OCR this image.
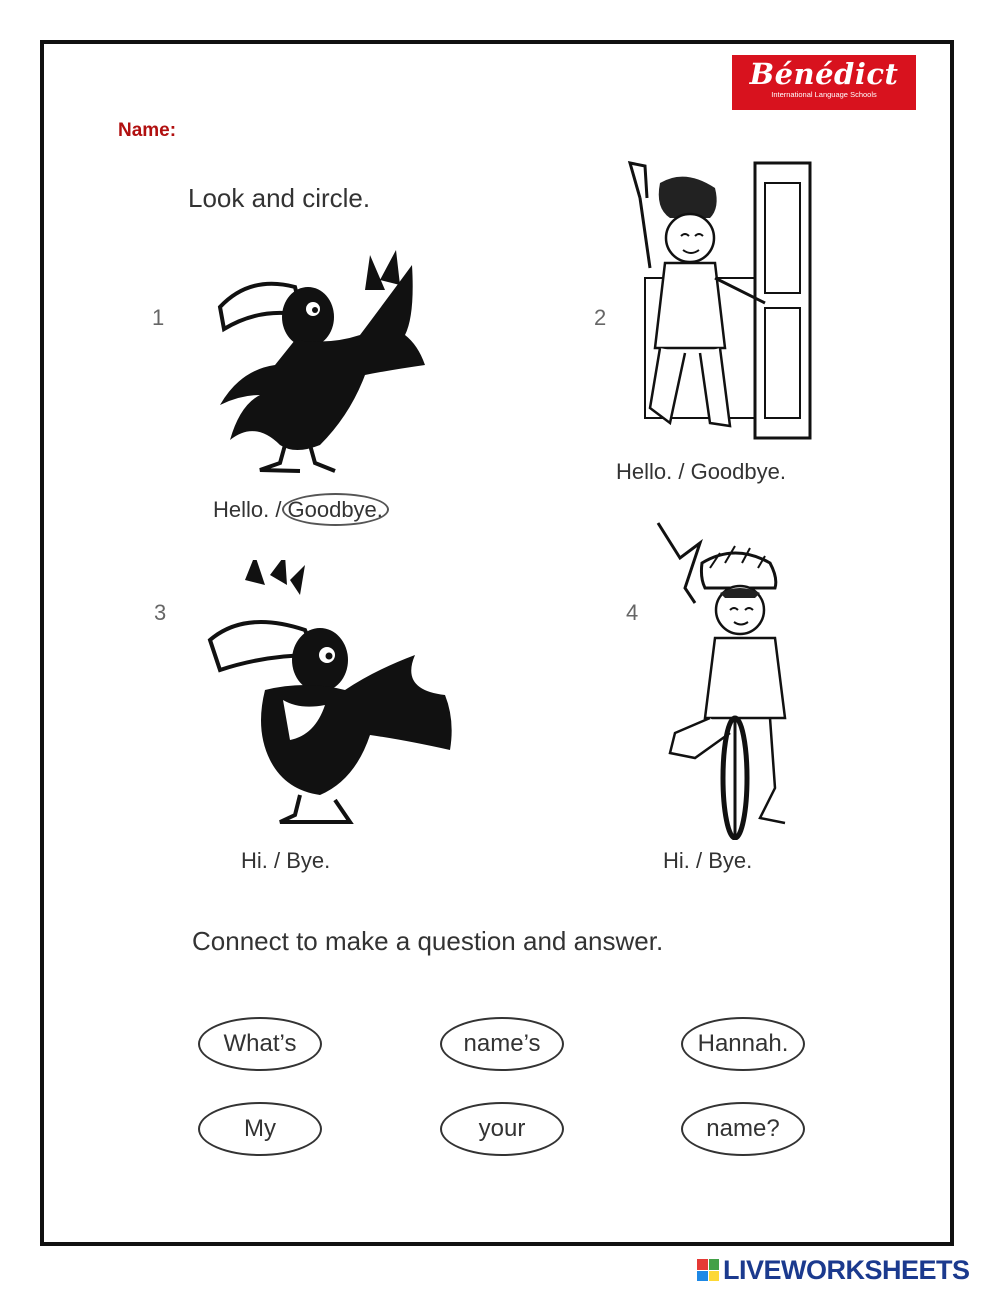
Bénédict
International Language Schools
Name:
Look and circle.
1
Hello. / Goodbye.
2
Hello. / Goodbye.
3
Hi. / Bye.
4
Hi. / Bye.
Connect to make a question and answer.
What’s	name’s	Hannah.
My	your	name?
LIVEWORKSHEETS
